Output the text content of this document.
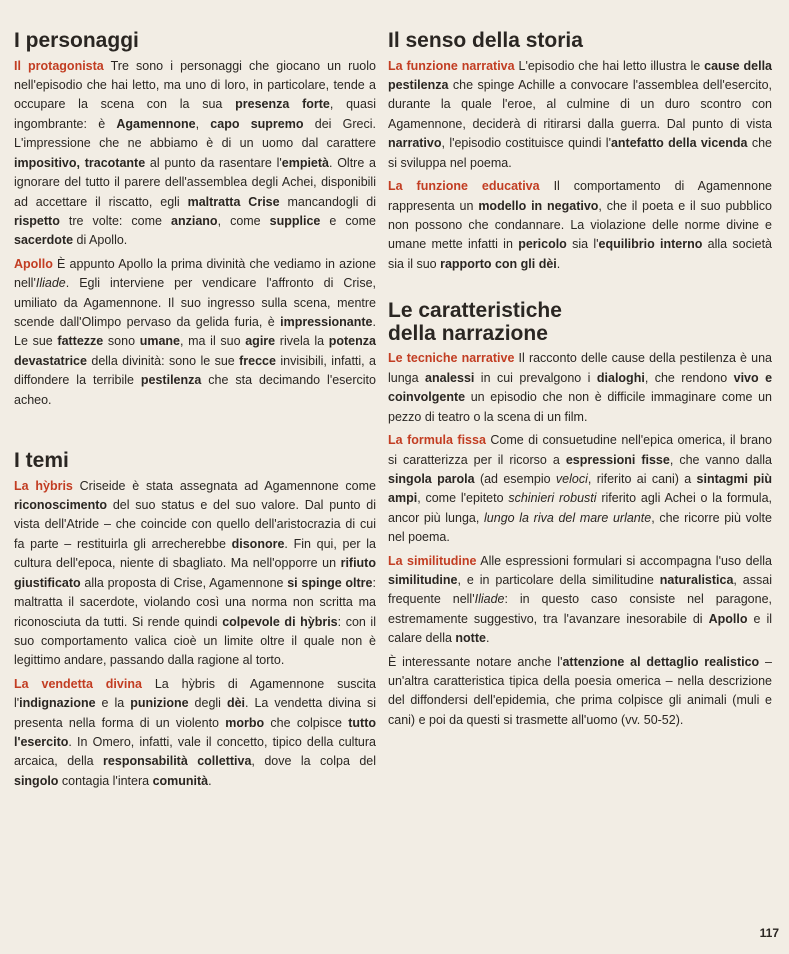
I personaggi

Il protagonista Tre sono i personaggi che giocano un ruolo nell'episodio che hai letto, ma uno di loro, in particolare, tende a occupare la scena con la sua presenza forte, quasi ingombrante: è Agamennone, capo supremo dei Greci. L'impressione che ne abbiamo è di un uomo dal carattere impositivo, tracotante al punto da rasentare l'empietà. Oltre a ignorare del tutto il parere dell'assemblea degli Achei, disponibili ad accettare il riscatto, egli maltratta Crise mancandogli di rispetto tre volte: come anziano, come supplice e come sacerdote di Apollo.

Apollo È appunto Apollo la prima divinità che vediamo in azione nell'Iliade. Egli interviene per vendicare l'affronto di Crise, umiliato da Agamennone. Il suo ingresso sulla scena, mentre scende dall'Olimpo pervaso da gelida furia, è impressionante. Le sue fattezze sono umane, ma il suo agire rivela la potenza devastatrice della divinità: sono le sue frecce invisibili, infatti, a diffondere la terribile pestilenza che sta decimando l'esercito acheo.

I temi

La hỳbris Criseide è stata assegnata ad Agamennone come riconoscimento del suo status e del suo valore. Dal punto di vista dell'Atride – che coincide con quello dell'aristocrazia di cui fa parte – restituirla gli arrecherebbe disonore. Fin qui, per la cultura dell'epoca, niente di sbagliato. Ma nell'opporre un rifiuto giustificato alla proposta di Crise, Agamennone si spinge oltre: maltratta il sacerdote, violando così una norma non scritta ma riconosciuta da tutti. Si rende quindi colpevole di hỳbris: con il suo comportamento valica cioè un limite oltre il quale non è legittimo andare, passando dalla ragione al torto.

La vendetta divina La hỳbris di Agamennone suscita l'indignazione e la punizione degli dèi. La vendetta divina si presenta nella forma di un violento morbo che colpisce tutto l'esercito. In Omero, infatti, vale il concetto, tipico della cultura arcaica, della responsabilità collettiva, dove la colpa del singolo contagia l'intera comunità.

Il senso della storia

La funzione narrativa L'episodio che hai letto illustra le cause della pestilenza che spinge Achille a convocare l'assemblea dell'esercito, durante la quale l'eroe, al culmine di un duro scontro con Agamennone, deciderà di ritirarsi dalla guerra. Dal punto di vista narrativo, l'episodio costituisce quindi l'antefatto della vicenda che si sviluppa nel poema.

La funzione educativa Il comportamento di Agamennone rappresenta un modello in negativo, che il poeta e il suo pubblico non possono che condannare. La violazione delle norme divine e umane mette infatti in pericolo sia l'equilibrio interno alla società sia il suo rapporto con gli dèi.

Le caratteristiche
della narrazione

Le tecniche narrative Il racconto delle cause della pestilenza è una lunga analessi in cui prevalgono i dialoghi, che rendono vivo e coinvolgente un episodio che non è difficile immaginare come un pezzo di teatro o la scena di un film.

La formula fissa Come di consuetudine nell'epica omerica, il brano si caratterizza per il ricorso a espressioni fisse, che vanno dalla singola parola (ad esempio veloci, riferito ai cani) a sintagmi più ampi, come l'epiteto schinieri robusti riferito agli Achei o la formula, ancor più lunga, lungo la riva del mare urlante, che ricorre più volte nel poema.

La similitudine Alle espressioni formulari si accompagna l'uso della similitudine, e in particolare della similitudine naturalistica, assai frequente nell'Iliade: in questo caso consiste nel paragone, estremamente suggestivo, tra l'avanzare inesorabile di Apollo e il calare della notte.

È interessante notare anche l'attenzione al dettaglio realistico – un'altra caratteristica tipica della poesia omerica – nella descrizione del diffondersi dell'epidemia, che prima colpisce gli animali (muli e cani) e poi da questi si trasmette all'uomo (vv. 50-52).

117
